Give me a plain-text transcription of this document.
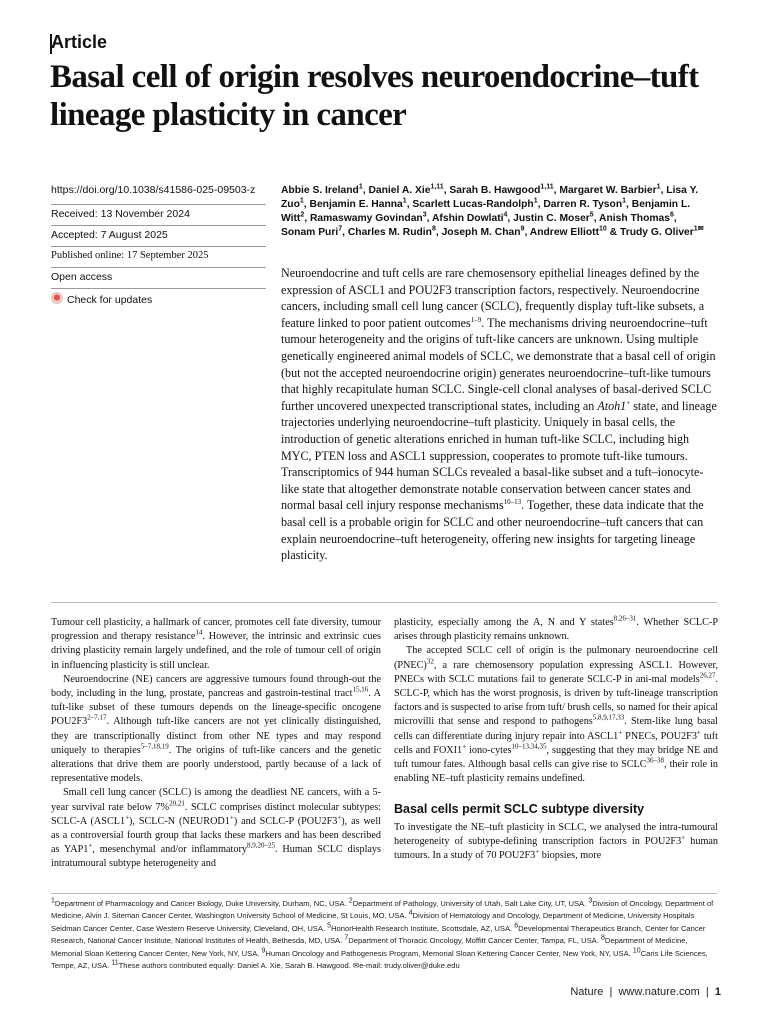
Article
Basal cell of origin resolves neuroendocrine–tuft lineage plasticity in cancer
https://doi.org/10.1038/s41586-025-09503-z
Received: 13 November 2024
Accepted: 7 August 2025
Published online: 17 September 2025
Open access
Check for updates
Abbie S. Ireland$^1$, Daniel A. Xie$^{1,11}$, Sarah B. Hawgood$^{1,11}$, Margaret W. Barbier$^1$, Lisa Y. Zuo$^1$, Benjamin E. Hanna$^1$, Scarlett Lucas-Randolph$^1$, Darren R. Tyson$^1$, Benjamin L. Witt$^2$, Ramaswamy Govindan$^3$, Afshin Dowlati$^4$, Justin C. Moser$^5$, Anish Thomas$^6$, Sonam Puri$^7$, Charles M. Rudin$^8$, Joseph M. Chan$^9$, Andrew Elliott$^{10}$ & Trudy G. Oliver$^{1✉}$
Neuroendocrine and tuft cells are rare chemosensory epithelial lineages defined by the expression of ASCL1 and POU2F3 transcription factors, respectively. Neuroendocrine cancers, including small cell lung cancer (SCLC), frequently display tuft-like subsets, a feature linked to poor patient outcomes$^{1-9}$. The mechanisms driving neuroendocrine–tuft tumour heterogeneity and the origins of tuft-like cancers are unknown. Using multiple genetically engineered animal models of SCLC, we demonstrate that a basal cell of origin (but not the accepted neuroendocrine origin) generates neuroendocrine–tuft-like tumours that highly recapitulate human SCLC. Single-cell clonal analyses of basal-derived SCLC further uncovered unexpected transcriptional states, including an Atoh1+ state, and lineage trajectories underlying neuroendocrine–tuft plasticity. Uniquely in basal cells, the introduction of genetic alterations enriched in human tuft-like SCLC, including high MYC, PTEN loss and ASCL1 suppression, cooperates to promote tuft-like tumours. Transcriptomics of 944 human SCLCs revealed a basal-like subset and a tuft–ionocyte-like state that altogether demonstrate notable conservation between cancer states and normal basal cell injury response mechanisms$^{10-13}$. Together, these data indicate that the basal cell is a probable origin for SCLC and other neuroendocrine–tuft cancers that can explain neuroendocrine–tuft heterogeneity, offering new insights for targeting lineage plasticity.

Tumour cell plasticity, a hallmark of cancer, promotes cell fate diversity, tumour progression and therapy resistance$^{14}$. However, the intrinsic and extrinsic cues driving plasticity remain largely undefined, and the role of tumour cell of origin in influencing plasticity is still unclear.

Neuroendocrine (NE) cancers are aggressive tumours found through-out the body, including in the lung, prostate, pancreas and gastroin-testinal tract$^{15,16}$. A tuft-like subset of these tumours depends on the lineage-specific oncogene POU2F3$^{2-7,17}$. Although tuft-like cancers are not yet clinically distinguished, they are transcriptionally distinct from other NE types and may respond uniquely to therapies$^{5-7,18,19}$. The origins of tuft-like cancers and the genetic alterations that drive them are poorly understood, partly because of a lack of representative models.

Small cell lung cancer (SCLC) is among the deadliest NE cancers, with a 5-year survival rate below 7%$^{20,21}$. SCLC comprises distinct molecular subtypes: SCLC-A (ASCL1+), SCLC-N (NEUROD1+) and SCLC-P (POU2F3+), as well as a controversial fourth group that lacks these markers and has been described as YAP1+, mesenchymal and/or inflammatory$^{8,9,20-25}$. Human SCLC displays intratumoural subtype heterogeneity and

plasticity, especially among the A, N and Y states$^{8,26-31}$. Whether SCLC-P arises through plasticity remains unknown.

The accepted SCLC cell of origin is the pulmonary neuroendocrine cell (PNEC)$^{32}$, a rare chemosensory population expressing ASCL1. However, PNECs with SCLC mutations fail to generate SCLC-P in ani-mal models$^{26,27}$. SCLC-P, which has the worst prognosis, is driven by tuft-lineage transcription factors and is suspected to arise from tuft/ brush cells, so named for their apical microvilli that sense and respond to pathogens$^{5,8,9,17,33}$. Stem-like lung basal cells can differentiate during injury repair into ASCL1+ PNECs, POU2F3+ tuft cells and FOXI1+ iono-cytes$^{10-13,34,35}$, suggesting that they may bridge NE and tuft tumour fates. Although basal cells can give rise to SCLC$^{36-38}$, their role in enabling NE–tuft plasticity remains undefined.

Basal cells permit SCLC subtype diversity

To investigate the NE–tuft plasticity in SCLC, we analysed the intra-tumoural heterogeneity of subtype-defining transcription factors in POU2F3+ human tumours. In a study of 70 POU2F3+ biopsies, more

$^1$Department of Pharmacology and Cancer Biology, Duke University, Durham, NC, USA. $^2$Department of Pathology, University of Utah, Salt Lake City, UT, USA. $^3$Division of Oncology, Department of Medicine, Alvin J. Siteman Cancer Center, Washington University School of Medicine, St Louis, MO, USA. $^4$Division of Hematology and Oncology, Department of Medicine, University Hospitals Seidman Cancer Center, Case Western Reserve University, Cleveland, OH, USA. $^5$HonorHealth Research Institute, Scottsdale, AZ, USA. $^6$Developmental Therapeutics Branch, Center for Cancer Research, National Cancer Institute, National Institutes of Health, Bethesda, MD, USA. $^7$Department of Thoracic Oncology, Moffitt Cancer Center, Tampa, FL, USA. $^8$Department of Medicine, Memorial Sloan Kettering Cancer Center, New York, NY, USA. $^9$Human Oncology and Pathogenesis Program, Memorial Sloan Kettering Cancer Center, New York, NY, USA. $^{10}$Caris Life Sciences, Tempe, AZ, USA. $^{11}$These authors contributed equally: Daniel A. Xie, Sarah B. Hawgood. ✉e-mail: trudy.oliver@duke.edu
Nature  |  www.nature.com  |  1
